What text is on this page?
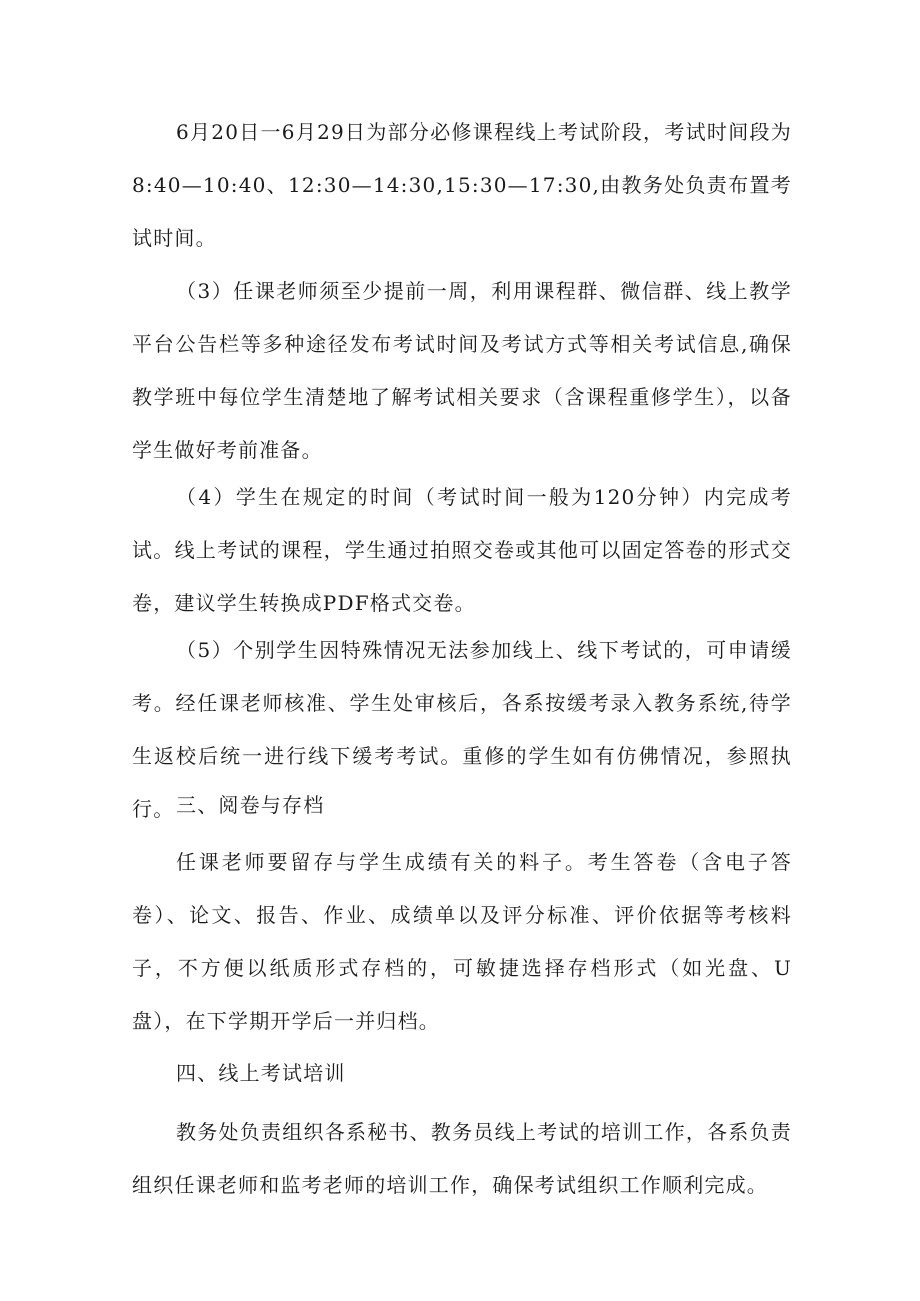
6月20日一6月29日为部分必修课程线上考试阶段，考试时间段为8:40—10:40、12:30—14:30,15:30—17:30,由教务处负责布置考试时间。

（3）任课老师须至少提前一周，利用课程群、微信群、线上教学平台公告栏等多种途径发布考试时间及考试方式等相关考试信息,确保教学班中每位学生清楚地了解考试相关要求（含课程重修学生），以备学生做好考前准备。

（4）学生在规定的时间（考试时间一般为120分钟）内完成考试。线上考试的课程，学生通过拍照交卷或其他可以固定答卷的形式交卷，建议学生转换成PDF格式交卷。

（5）个别学生因特殊情况无法参加线上、线下考试的，可申请缓考。经任课老师核准、学生处审核后，各系按缓考录入教务系统,待学生返校后统一进行线下缓考考试。重修的学生如有仿佛情况，参照执行。 三、阅卷与存档

任课老师要留存与学生成绩有关的料子。考生答卷（含电子答卷）、论文、报告、作业、成绩单以及评分标准、评价依据等考核料子，不方便以纸质形式存档的，可敏捷选择存档形式（如光盘、U盘），在下学期开学后一并归档。

四、线上考试培训

教务处负责组织各系秘书、教务员线上考试的培训工作，各系负责组织任课老师和监考老师的培训工作，确保考试组织工作顺利完成。
